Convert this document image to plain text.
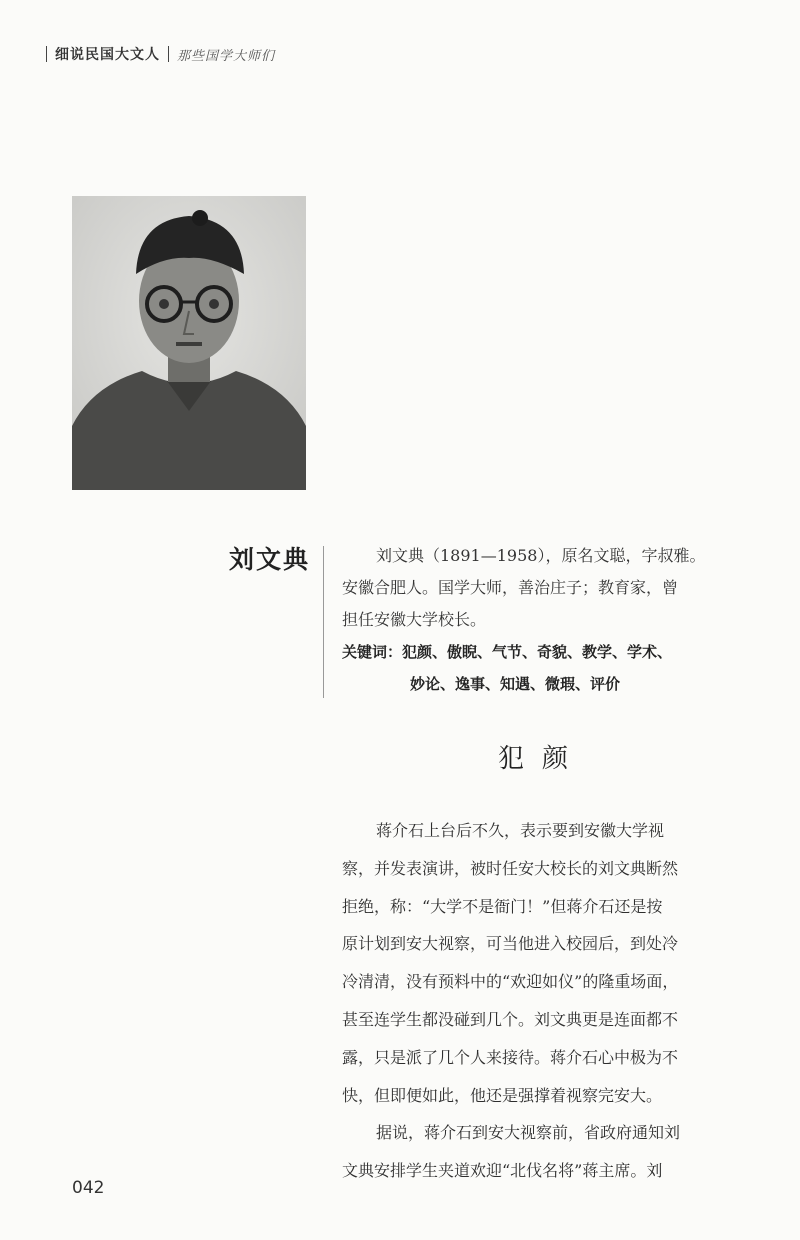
细说民国大文人 那些国学大师们
刘文典	刘文典（1891—1958），原名文聪，字叔雅。
安徽合肥人。国学大师，善治庄子；教育家，曾
担任安徽大学校长。

关键词：犯颜、傲睨、气节、奇貌、教学、学术、
妙论、逸事、知遇、微瑕、评价
犯颜

蒋介石上台后不久，表示要到安徽大学视
察，并发表演讲，被时任安大校长的刘文典断然
拒绝，称：“大学不是衙门！”但蒋介石还是按
原计划到安大视察，可当他进入校园后，到处冷
冷清清，没有预料中的“欢迎如仪”的隆重场面，
甚至连学生都没碰到几个。刘文典更是连面都不
露，只是派了几个人来接待。蒋介石心中极为不
快，但即便如此，他还是强撑着视察完安大。

据说，蒋介石到安大视察前，省政府通知刘
文典安排学生夹道欢迎“北伐名将”蒋主席。刘

042
